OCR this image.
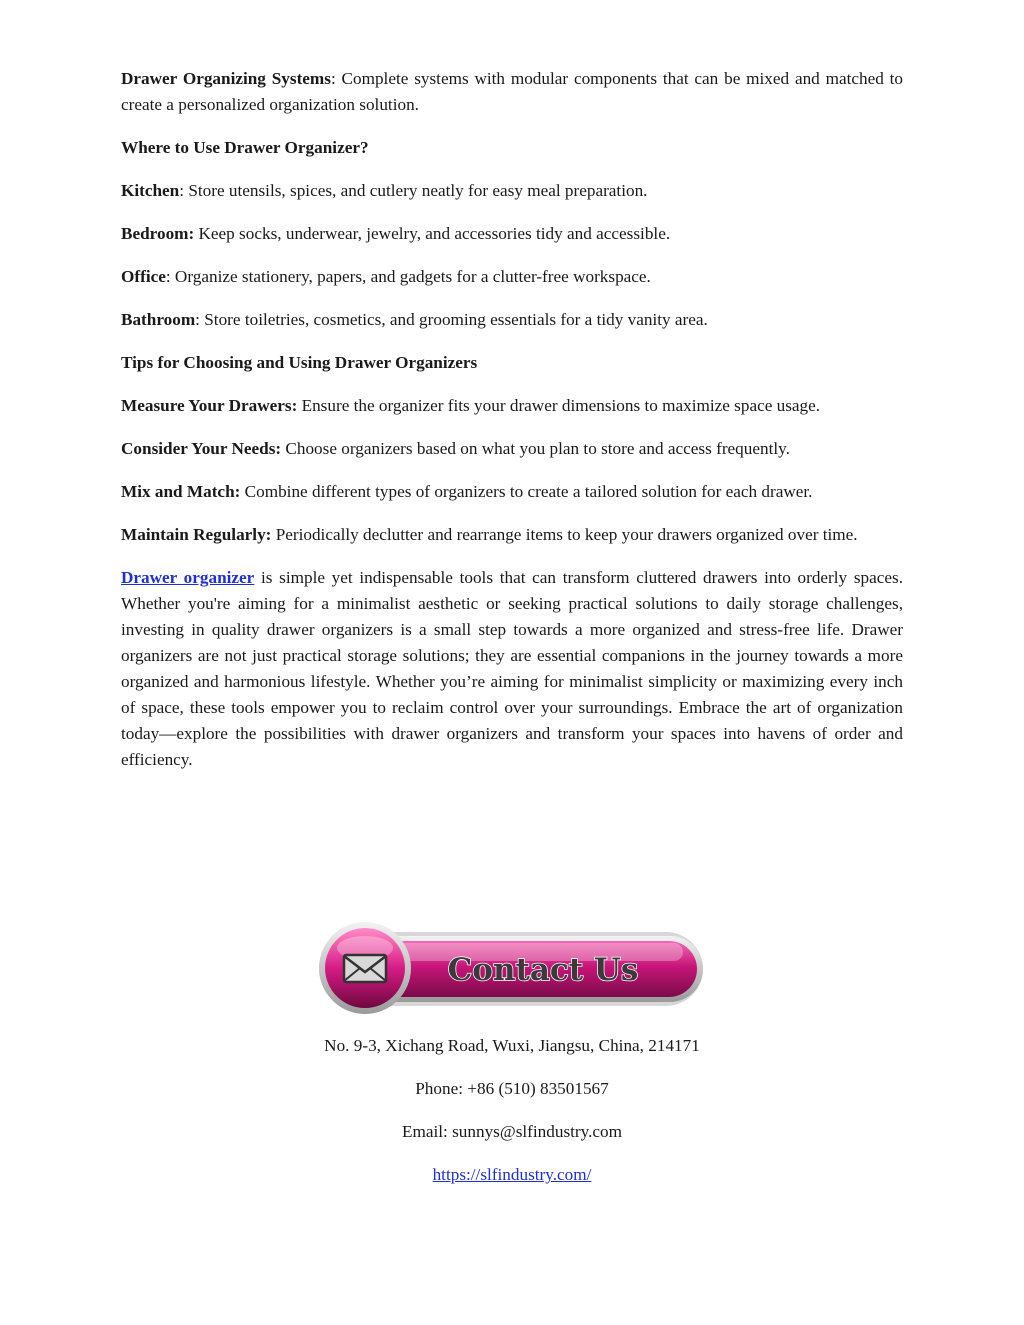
Drawer Organizing Systems: Complete systems with modular components that can be mixed and matched to create a personalized organization solution.

Where to Use Drawer Organizer?

Kitchen: Store utensils, spices, and cutlery neatly for easy meal preparation.

Bedroom: Keep socks, underwear, jewelry, and accessories tidy and accessible.

Office: Organize stationery, papers, and gadgets for a clutter-free workspace.

Bathroom: Store toiletries, cosmetics, and grooming essentials for a tidy vanity area.

Tips for Choosing and Using Drawer Organizers

Measure Your Drawers: Ensure the organizer fits your drawer dimensions to maximize space usage.

Consider Your Needs: Choose organizers based on what you plan to store and access frequently.

Mix and Match: Combine different types of organizers to create a tailored solution for each drawer.

Maintain Regularly: Periodically declutter and rearrange items to keep your drawers organized over time.

Drawer organizer is simple yet indispensable tools that can transform cluttered drawers into orderly spaces. Whether you're aiming for a minimalist aesthetic or seeking practical solutions to daily storage challenges, investing in quality drawer organizers is a small step towards a more organized and stress-free life. Drawer organizers are not just practical storage solutions; they are essential companions in the journey towards a more organized and harmonious lifestyle. Whether you’re aiming for minimalist simplicity or maximizing every inch of space, these tools empower you to reclaim control over your surroundings. Embrace the art of organization today—explore the possibilities with drawer organizers and transform your spaces into havens of order and efficiency.

Contact Us
No. 9-3, Xichang Road, Wuxi, Jiangsu, China, 214171
Phone: +86 (510) 83501567
Email: sunnys@slfindustry.com
https://slfindustry.com/
